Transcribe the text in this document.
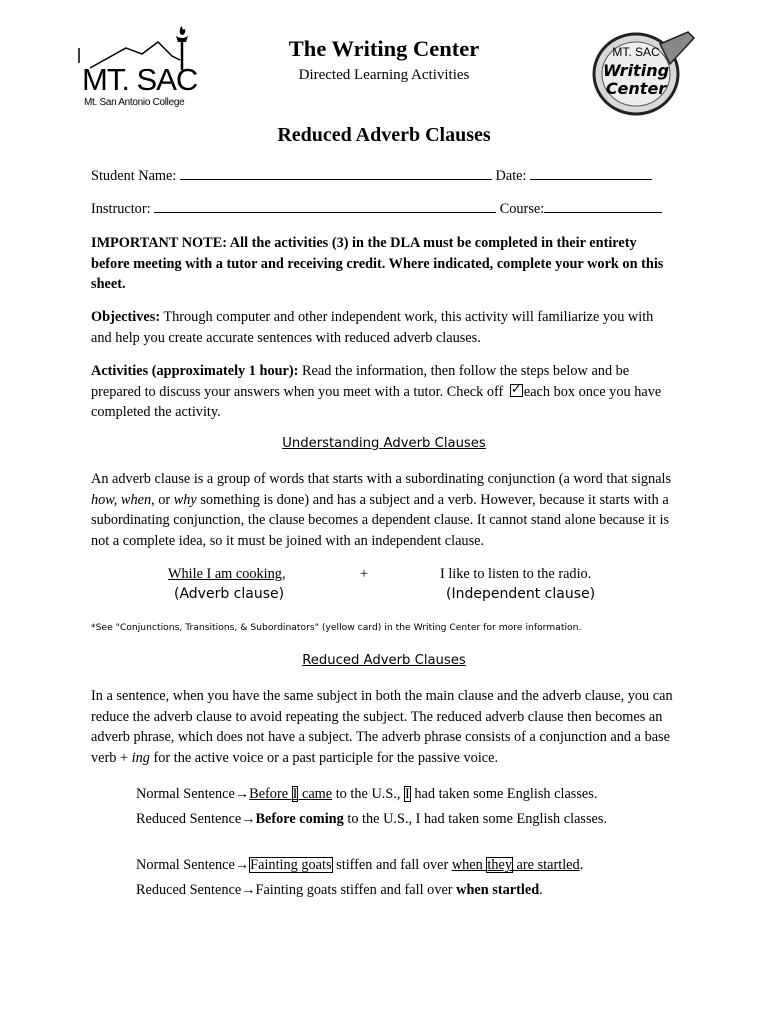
MT. SAC
Mt. San Antonio College
The Writing Center
Directed Learning Activities
MT. SAC
Writing
Center
Reduced Adverb Clauses
Student Name:	Date:
Instructor:	Course:
IMPORTANT NOTE: All the activities (3) in the DLA must be completed in their entirety before meeting with a tutor and receiving credit. Where indicated, complete your work on this sheet.

Objectives: Through computer and other independent work, this activity will familiarize you with and help you create accurate sentences with reduced adverb clauses.

Activities (approximately 1 hour): Read the information, then follow the steps below and be prepared to discuss your answers when you meet with a tutor. Check off ✓each box once you have completed the activity.

Understanding Adverb Clauses

An adverb clause is a group of words that starts with a subordinating conjunction (a word that signals how, when, or why something is done) and has a subject and a verb. However, because it starts with a subordinating conjunction, the clause becomes a dependent clause. It cannot stand alone because it is not a complete idea, so it must be joined with an independent clause.

While I am cooking,	+	I like to listen to the radio.
(Adverb clause)	(Independent clause)
*See "Conjunctions, Transitions, & Subordinators" (yellow card) in the Writing Center for more information.
Reduced Adverb Clauses

In a sentence, when you have the same subject in both the main clause and the adverb clause, you can reduce the adverb clause to avoid repeating the subject. The reduced adverb clause then becomes an adverb phrase, which does not have a subject. The adverb phrase consists of a conjunction and a base verb + ing for the active voice or a past participle for the passive voice.

Normal Sentence→Before I came to the U.S., I had taken some English classes.
Reduced Sentence→Before coming to the U.S., I had taken some English classes.
Normal Sentence→Fainting goats stiffen and fall over when they are startled.
Reduced Sentence→Fainting goats stiffen and fall over when startled.
